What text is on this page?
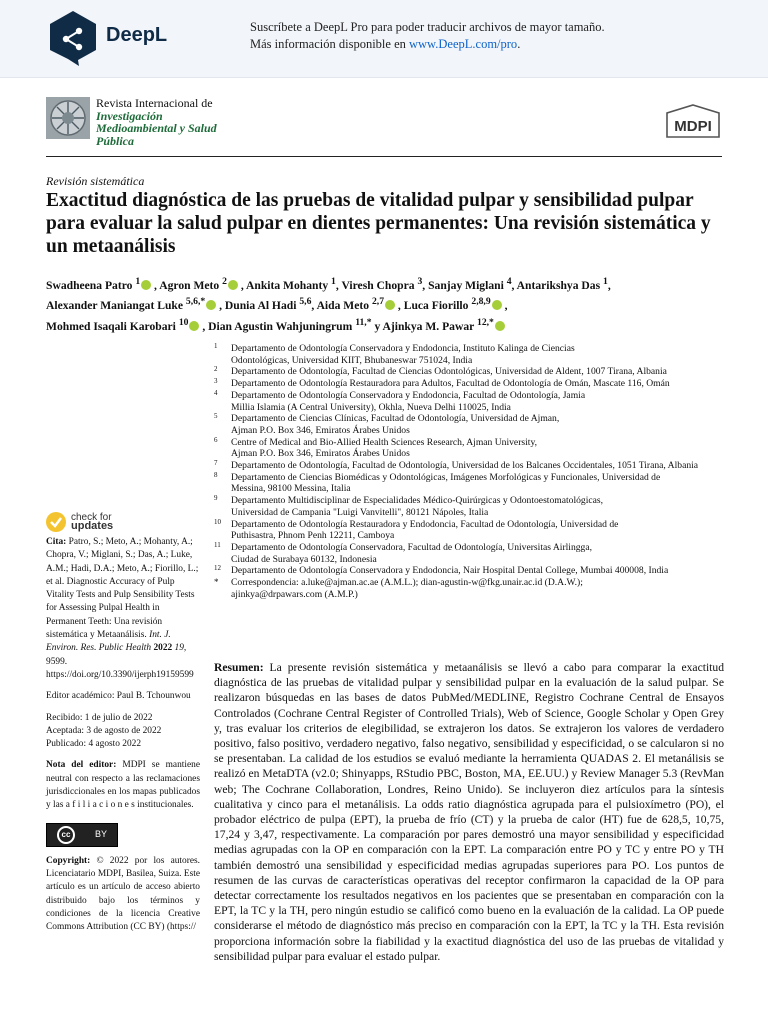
DeepL	Suscríbete a DeepL Pro para poder traducir archivos de mayor tamaño.
Más información disponible en www.DeepL.com/pro.
Revista Internacional de
Investigación
Medioambiental y Salud
Pública
MDPI
Revisión sistemática
Exactitud diagnóstica de las pruebas de vitalidad pulpar y sensibilidad pulpar para evaluar la salud pulpar en dientes permanentes: Una revisión sistemática y un metaanálisis
Swadheena Patro $^1$ , Agron Meto $^2$ , Ankita Mohanty $^1$, Viresh Chopra $^3$, Sanjay Miglani $^4$, Antarikshya Das $^1$,
Alexander Maniangat Luke $^{5,6,*}$ , Dunia Al Hadi $^{5,6}$, Aida Meto $^{2,7}$ , Luca Fiorillo $^{2,8,9}$ ,
Mohmed Isaqali Karobari $^{10}$ , Dian Agustin Wahjuningrum $^{11,*}$ y Ajinkya M. Pawar $^{12,*}$
1 Departamento de Odontología Conservadora y Endodoncia, Instituto Kalinga de Ciencias
Odontológicas, Universidad KIIT, Bhubaneswar 751024, India
2 Departamento de Odontología, Facultad de Ciencias Odontológicas, Universidad de Aldent, 1007 Tirana, Albania
3 Departamento de Odontología Restauradora para Adultos, Facultad de Odontología de Omán, Mascate 116, Omán
4 Departamento de Odontología Conservadora y Endodoncia, Facultad de Odontología, Jamia
Millia Islamia (A Central University), Okhla, Nueva Delhi 110025, India
5 Departamento de Ciencias Clínicas, Facultad de Odontología, Universidad de Ajman,
Ajman P.O. Box 346, Emiratos Árabes Unidos
6 Centre of Medical and Bio-Allied Health Sciences Research, Ajman University,
Ajman P.O. Box 346, Emiratos Árabes Unidos
7 Departamento de Odontología, Facultad de Odontología, Universidad de los Balcanes Occidentales, 1051 Tirana, Albania
8 Departamento de Ciencias Biomédicas y Odontológicas, Imágenes Morfológicas y Funcionales, Universidad de
Messina, 98100 Messina, Italia
9 Departamento Multidisciplinar de Especialidades Médico-Quirúrgicas y Odontoestomatológicas,
Universidad de Campania "Luigi Vanvitelli", 80121 Nápoles, Italia
10 Departamento de Odontología Restauradora y Endodoncia, Facultad de Odontología, Universidad de
Puthisastra, Phnom Penh 12211, Camboya
11 Departamento de Odontología Conservadora, Facultad de Odontología, Universitas Airlingga,
Ciudad de Surabaya 60132, Indonesia
12 Departamento de Odontología Conservadora y Endodoncia, Nair Hospital Dental College, Mumbai 400008, India
* Correspondencia: a.luke@ajman.ac.ae (A.M.L.); dian-agustin-w@fkg.unair.ac.id (D.A.W.);
ajinkya@drpawars.com (A.M.P.)
check for
updates

Cita: Patro, S.; Meto, A.; Mohanty, A.; Chopra, V.; Miglani, S.; Das, A.; Luke, A.M.; Hadi, D.A.; Meto, A.; Fiorillo, L.; et al. Diagnostic Accuracy of Pulp Vitality Tests and Pulp Sensibility Tests for Assessing Pulpal Health in Permanent Teeth: Una revisión sistemática y Metaanálisis. Int. J. Environ. Res. Public Health 2022 19, 9599. https://doi.org/10.3390/ijerph19159599

Editor académico: Paul B. Tchounwou

Recibido: 1 de julio de 2022
Aceptada: 3 de agosto de 2022

Publicado: 4 agosto 2022

Nota del editor: MDPI se mantiene neutral con respecto a las reclamaciones jurisdiccionales en los mapas publicados y las a f i l i a c i o n e s institucionales.

cc	BY

Copyright: © 2022 por los autores. Licenciatario MDPI, Basilea, Suiza. Este artículo es un artículo de acceso abierto distribuido bajo los términos y condiciones de la licencia Creative Commons Attribution (CC BY) (https://

Resumen: La presente revisión sistemática y metaanálisis se llevó a cabo para comparar la exactitud diagnóstica de las pruebas de vitalidad pulpar y sensibilidad pulpar en la evaluación de la salud pulpar. Se realizaron búsquedas en las bases de datos PubMed/MEDLINE, Registro Cochrane Central de Ensayos Controlados (Cochrane Central Register of Controlled Trials), Web of Science, Google Scholar y Open Grey y, tras evaluar los criterios de elegibilidad, se extrajeron los datos. Se extrajeron los valores de verdadero positivo, falso positivo, verdadero negativo, falso negativo, sensibilidad y especificidad, o se calcularon si no se presentaban. La calidad de los estudios se evaluó mediante la herramienta QUADAS 2. El metanálisis se realizó en MetaDTA (v2.0; Shinyapps, RStudio PBC, Boston, MA, EE.UU.) y Review Manager 5.3 (RevMan web; The Cochrane Collaboration, Londres, Reino Unido). Se incluyeron diez artículos para la síntesis cualitativa y cinco para el metanálisis. La odds ratio diagnóstica agrupada para el pulsioxímetro (PO), el probador eléctrico de pulpa (EPT), la prueba de frío (CT) y la prueba de calor (HT) fue de 628,5, 10,75, 17,24 y 3,47, respectivamente. La comparación por pares demostró una mayor sensibilidad y especificidad medias agrupadas con la OP en comparación con la EPT. La comparación entre PO y TC y entre PO y TH también demostró una sensibilidad y especificidad medias agrupadas superiores para PO. Los puntos de resumen de las curvas de características operativas del receptor confirmaron la capacidad de la OP para detectar correctamente los resultados negativos en los pacientes que se presentaban en comparación con la EPT, la TC y la TH, pero ningún estudio se calificó como bueno en la evaluación de la calidad. La OP puede considerarse el método de diagnóstico más preciso en comparación con la EPT, la TC y la TH. Esta revisión proporciona información sobre la fiabilidad y la exactitud diagnóstica del uso de las pruebas de vitalidad y sensibilidad pulpar para evaluar el estado pulpar.
